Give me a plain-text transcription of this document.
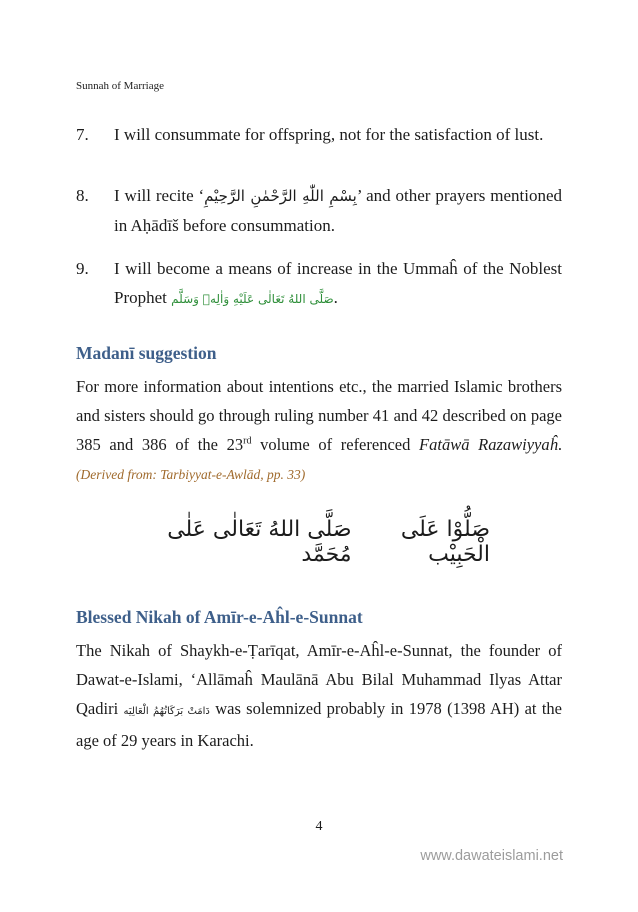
Sunnah of Marriage
7. I will consummate for offspring, not for the satisfaction of lust.
8. I will recite ‘بِسْمِ اللّٰهِ الرَّحْمٰنِ الرَّحِيْمِ’ and other prayers mentioned in Aḥādīš before consummation.
9. I will become a means of increase in the Ummaĥ of the Noblest Prophet صَلَّى اللهُ تَعَالٰى عَلَيْهِ وَاٰلِهٖ وَسَلَّم.
Madanī suggestion
For more information about intentions etc., the married Islamic brothers and sisters should go through ruling number 41 and 42 described on page 385 and 386 of the 23rd volume of referenced Fatāwā Razawiyyaĥ. (Derived from: Tarbiyyat-e-Awlād, pp. 33)
صَلُّوْا عَلَى الْحَبِيْب
صَلَّى اللهُ تَعَالٰى عَلٰى مُحَمَّد
Blessed Nikah of Amīr-e-Aĥl-e-Sunnat
The Nikah of Shaykh-e-Ṭarīqat, Amīr-e-Aĥl-e-Sunnat, the founder of Dawat-e-Islami, ‘Allāmaĥ Maulānā Abu Bilal Muhammad Ilyas Attar Qadiri دَامَتْ بَرَكَاتُهُمُ الْعَالِيَه was solemnized probably in 1978 (1398 AH) at the age of 29 years in Karachi.
4
www.dawateislami.net
